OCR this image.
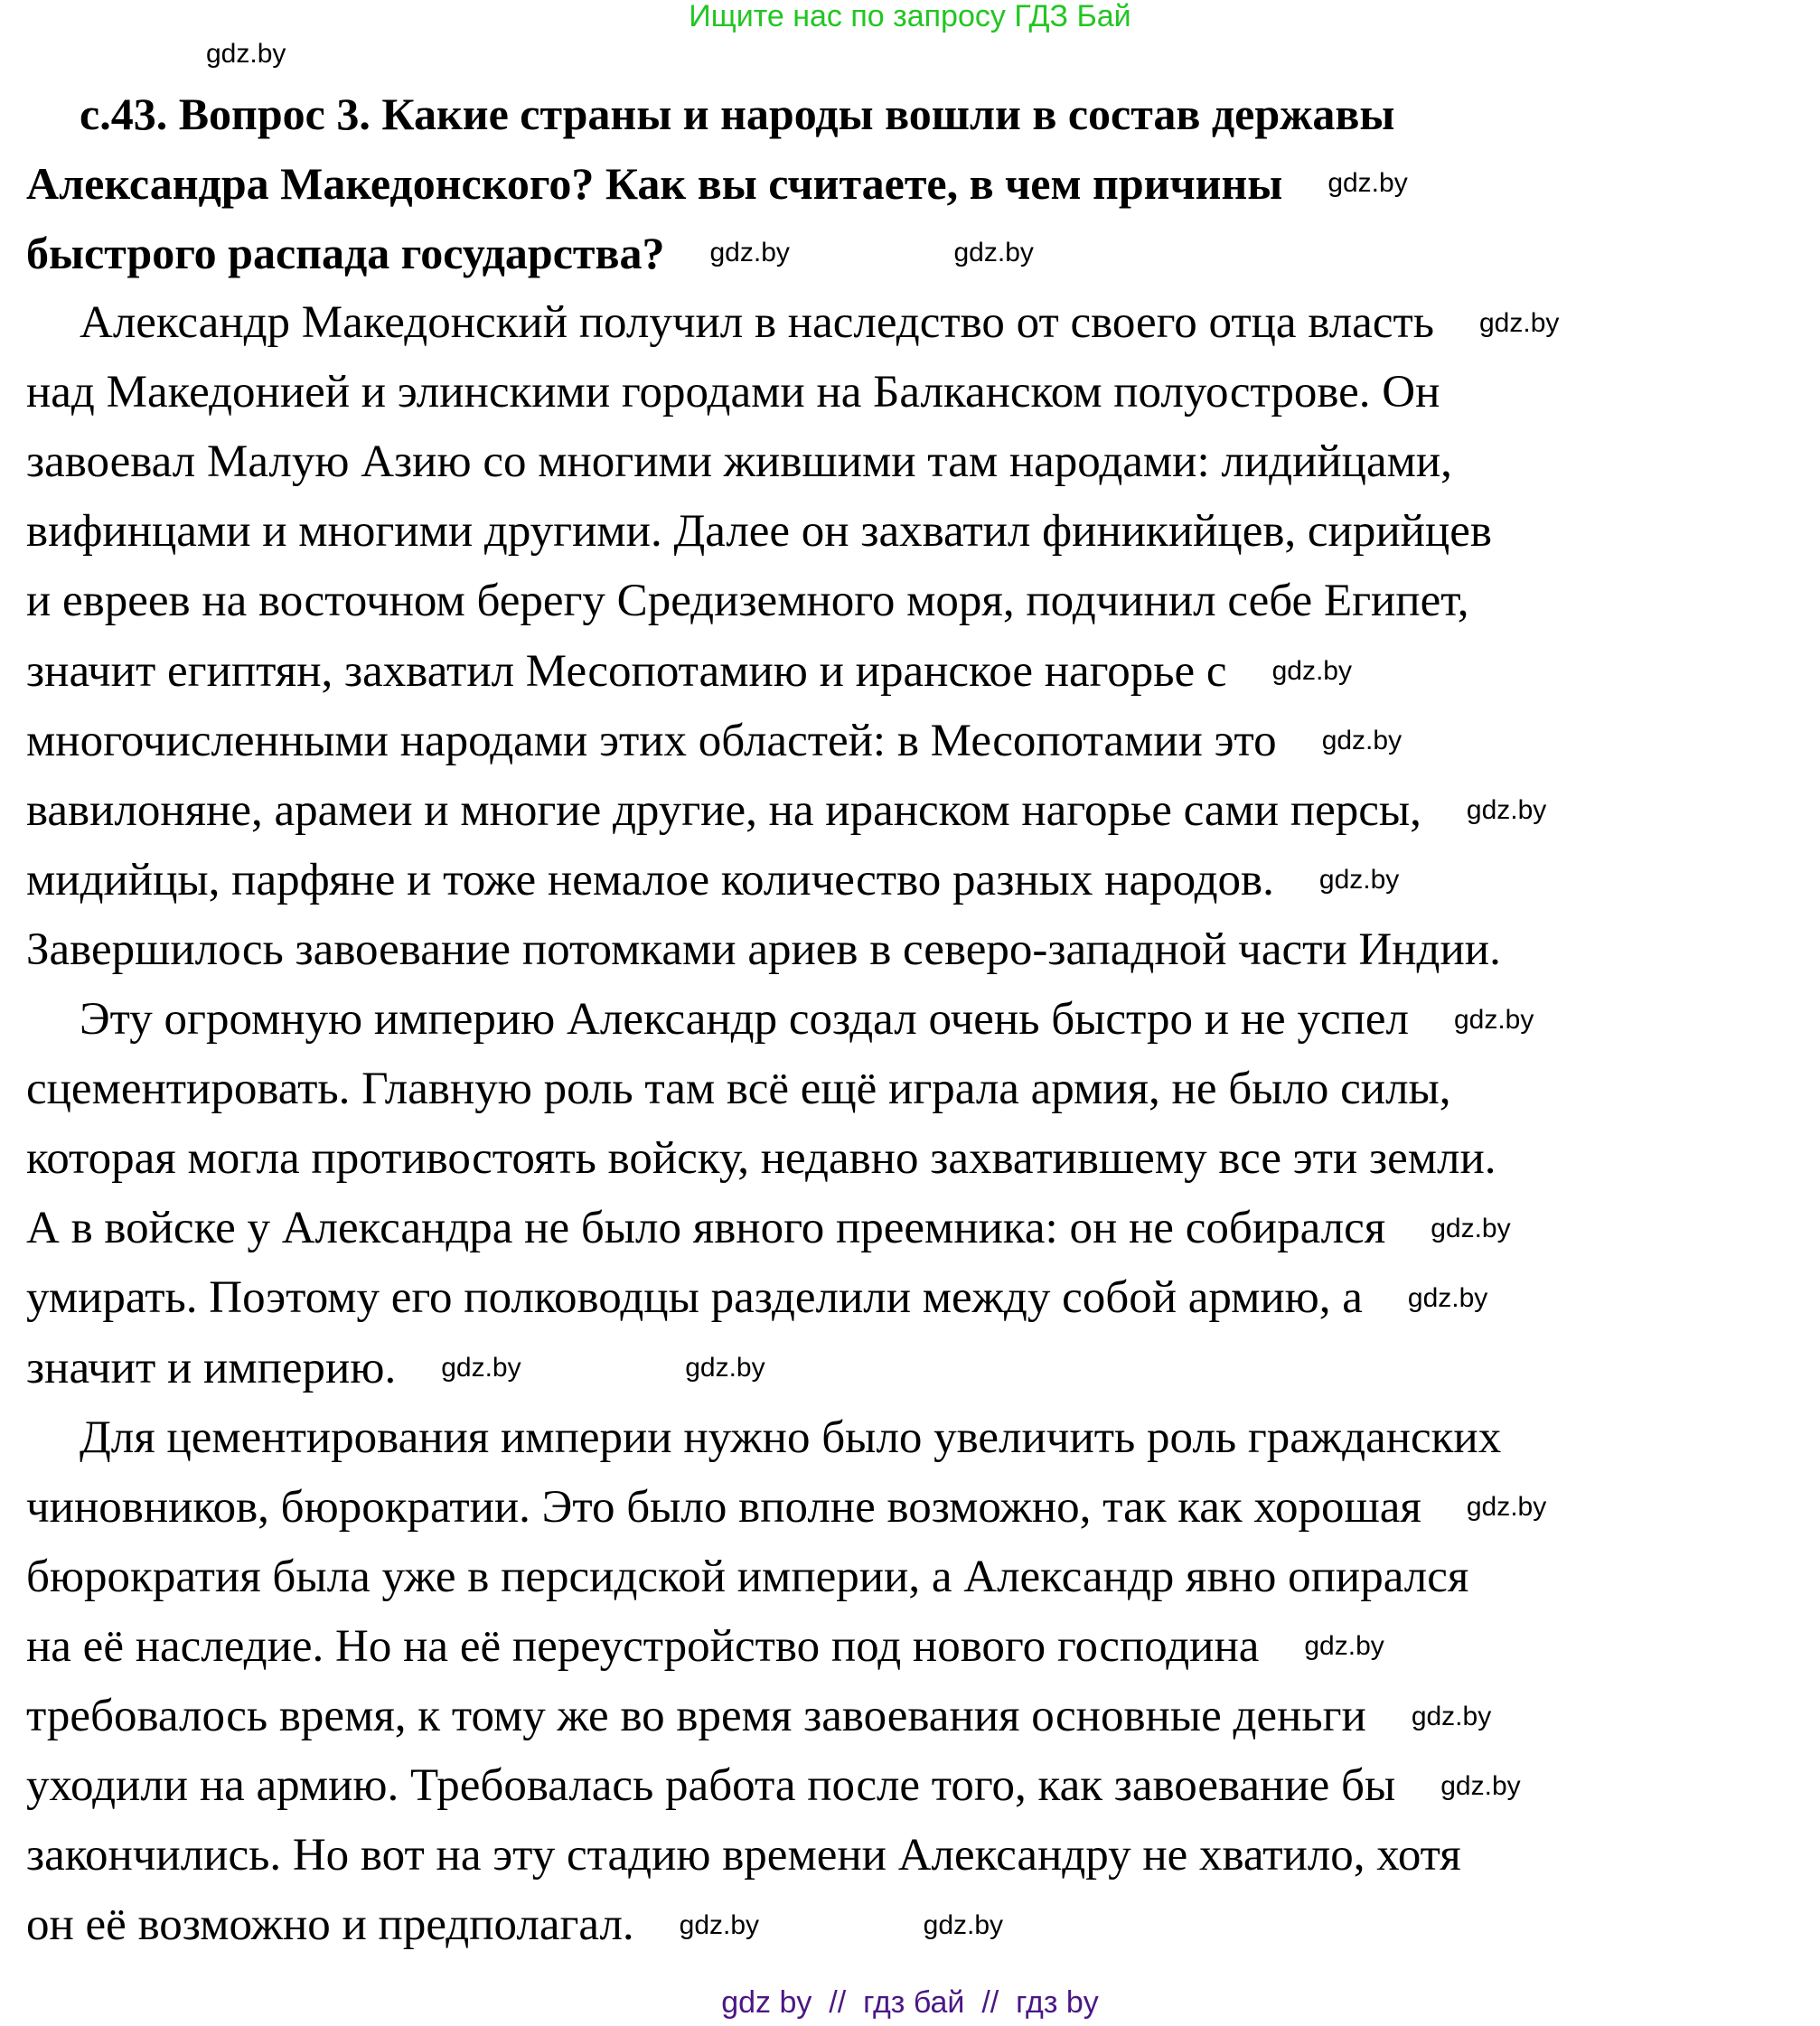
Ищите нас по запросу ГДЗ Бай
с.43. Вопрос 3. Какие страны и народы вошли в состав державы
Александра Македонского? Как вы считаете, в чем причины
быстрого распада государства?
Александр Македонский получил в наследство от своего отца власть
над Македонией и элинскими городами на Балканском полуострове. Он
завоевал Малую Азию со многими жившими там народами: лидийцами,
вифинцами и многими другими. Далее он захватил финикийцев, сирийцев
и евреев на восточном берегу Средиземного моря, подчинил себе Египет,
значит египтян, захватил Месопотамию и иранское нагорье с
многочисленными народами этих областей: в Месопотамии это
вавилоняне, арамеи и многие другие, на иранском нагорье сами персы,
мидийцы, парфяне и тоже немалое количество разных народов.
Завершилось завоевание потомками ариев в северо-западной части Индии.
Эту огромную империю Александр создал очень быстро и не успел
сцементировать. Главную роль там всё ещё играла армия, не было силы,
которая могла противостоять войску, недавно захватившему все эти земли.
А в войске у Александра не было явного преемника: он не собирался
умирать. Поэтому его полководцы разделили между собой армию, а
значит и империю.
Для цементирования империи нужно было увеличить роль гражданских
чиновников, бюрократии. Это было вполне возможно, так как хорошая
бюрократия была уже в персидской империи, а Александр явно опирался
на её наследие. Но на её переустройство под нового господина
требовалось время, к тому же во время завоевания основные деньги
уходили на армию. Требовалась работа после того, как завоевание бы
закончились. Но вот на эту стадию времени Александру не хватило, хотя
он её возможно и предполагал.
gdz.by
gdz.by
gdz.by	gdz.by
gdz.by
gdz.by
gdz.by
gdz.by
gdz.by
gdz.by
gdz.by
gdz.by
gdz.by	gdz.by
gdz.by
gdz.by
gdz.by
gdz.by
gdz.by	gdz.by
gdz by  //  гдз бай  //  гдз by
